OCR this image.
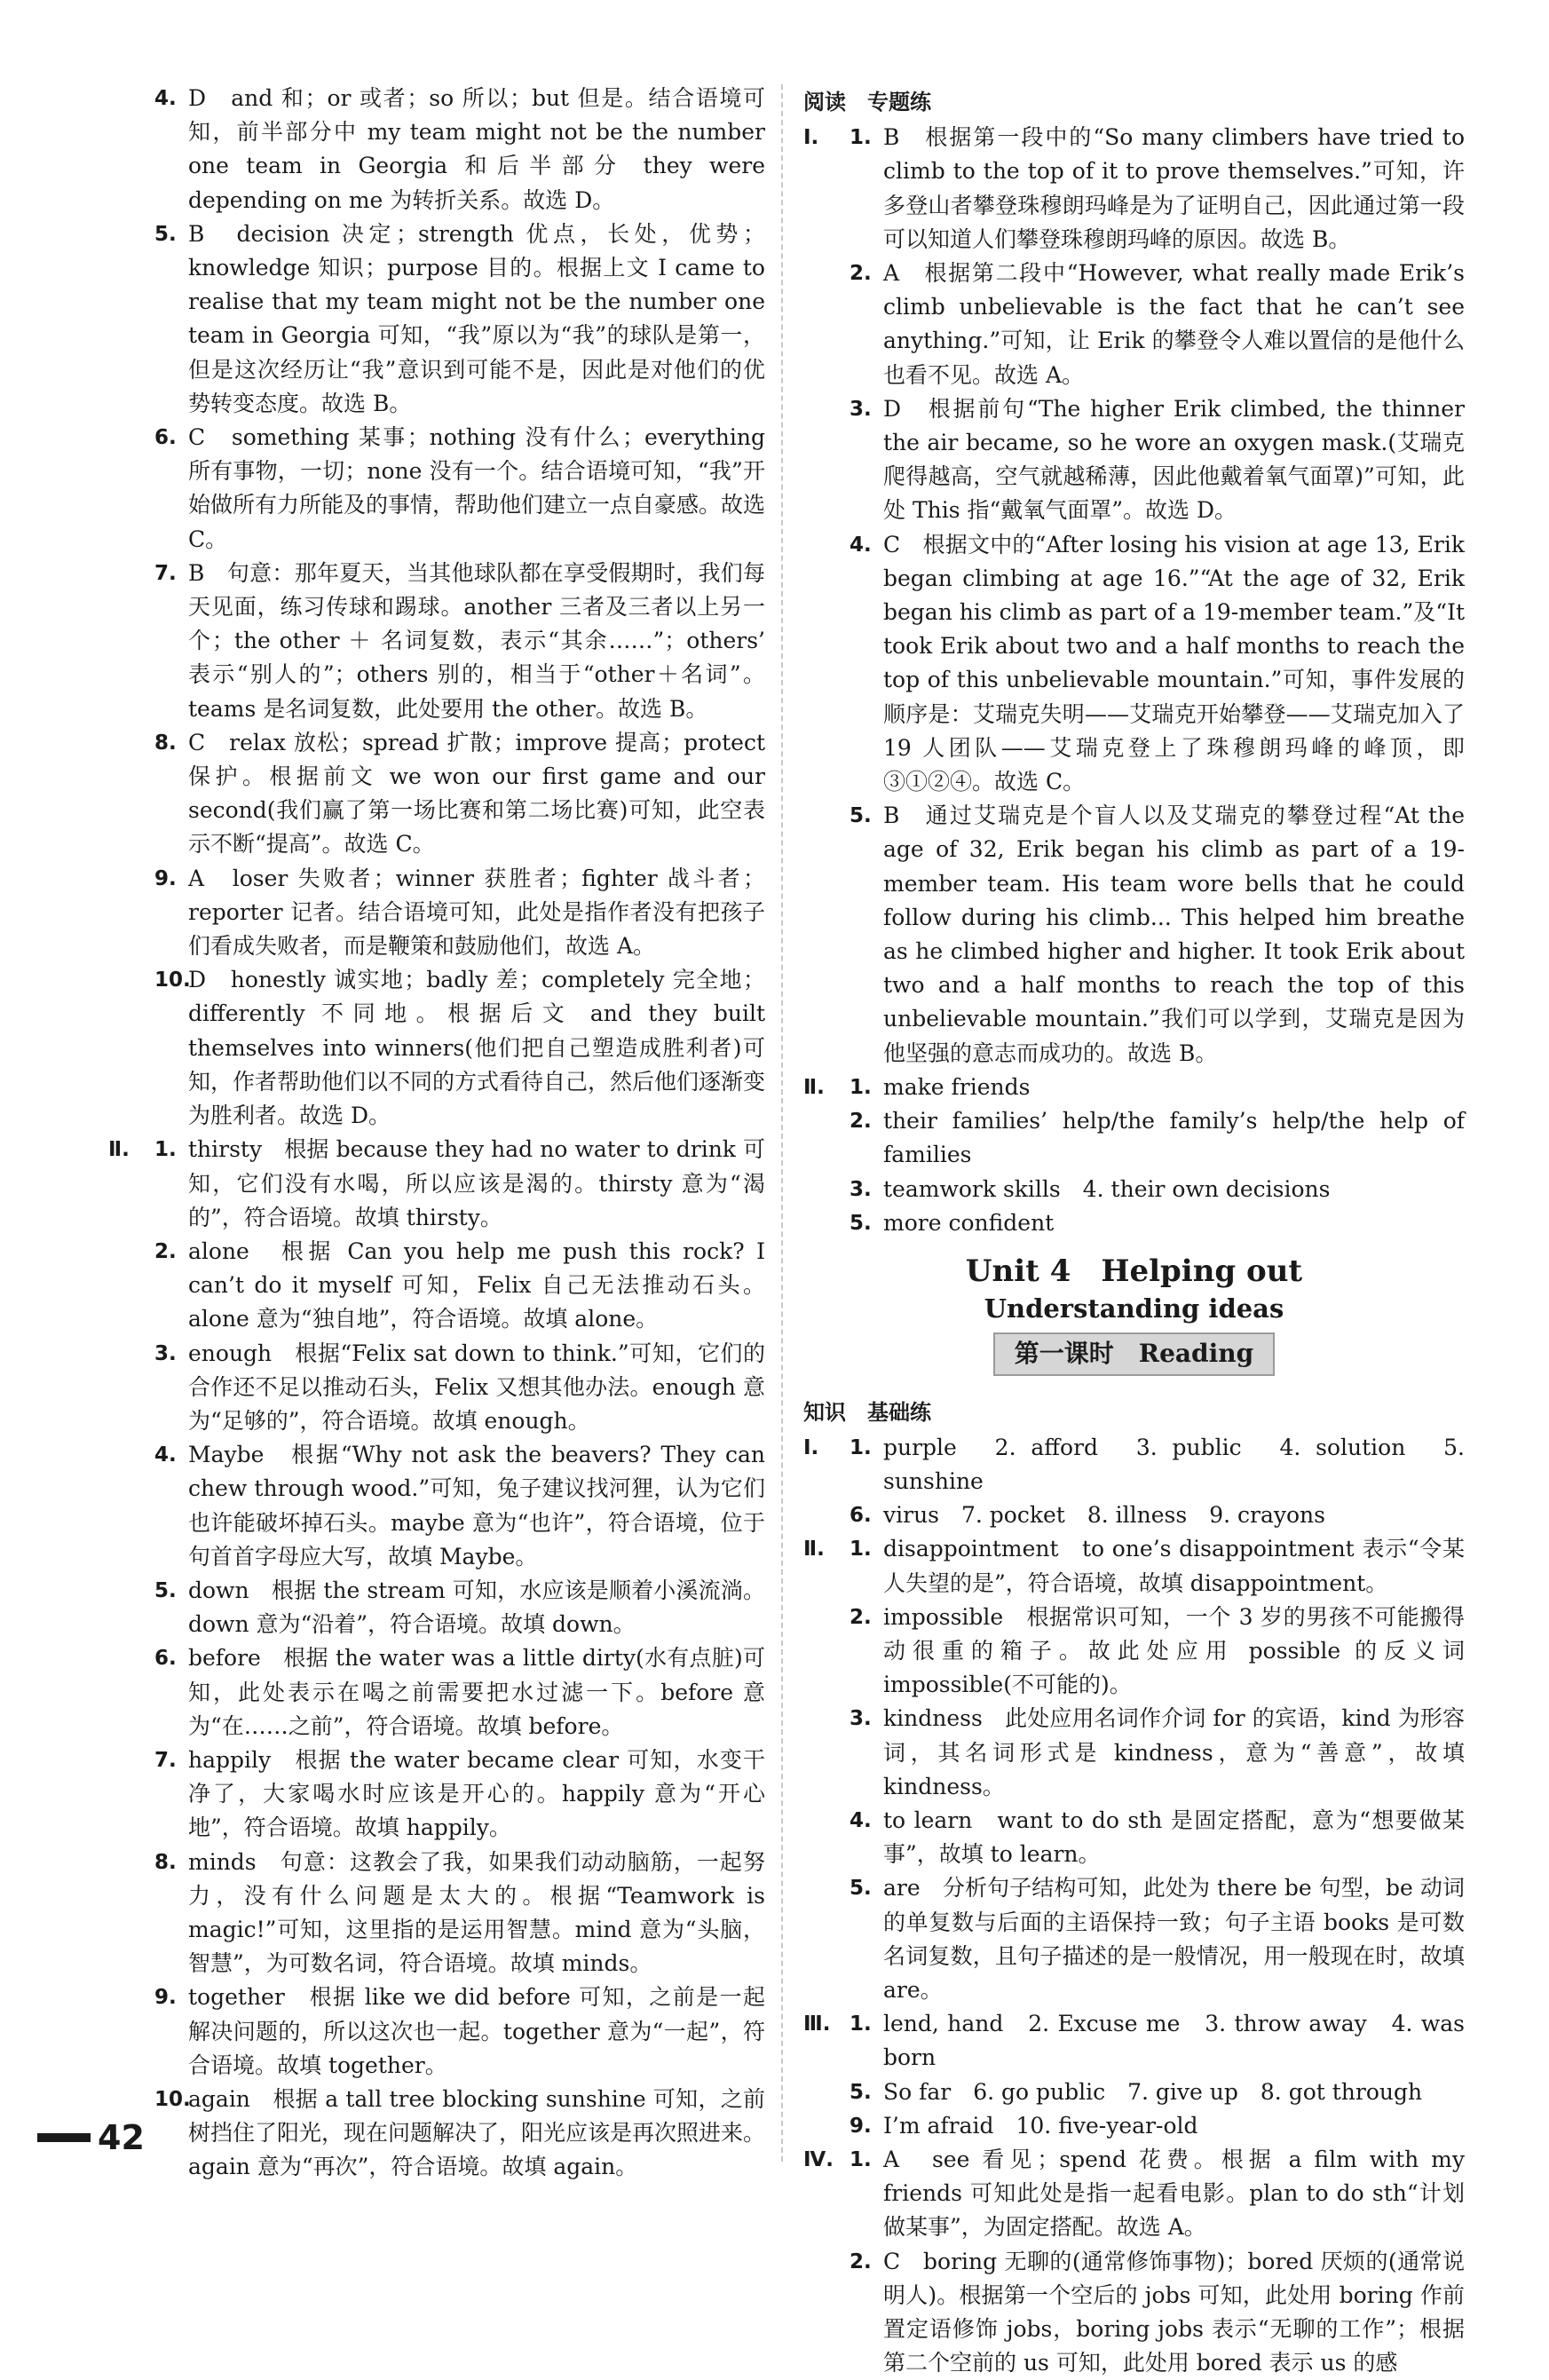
4. D　and 和；or 或者；so 所以；but 但是。结合语境可知，前半部分中 my team might not be the number one team in Georgia 和后半部分 they were depending on me 为转折关系。故选 D。

5. B　decision 决定；strength 优点，长处，优势；knowledge 知识；purpose 目的。根据上文 I came to realise that my team might not be the number one team in Georgia 可知，“我”原以为“我”的球队是第一，但是这次经历让“我”意识到可能不是，因此是对他们的优势转变态度。故选 B。

6. C　something 某事；nothing 没有什么；everything 所有事物，一切；none 没有一个。结合语境可知，“我”开始做所有力所能及的事情，帮助他们建立一点自豪感。故选 C。

7. B　句意：那年夏天，当其他球队都在享受假期时，我们每天见面，练习传球和踢球。another 三者及三者以上另一个；the other ＋ 名词复数，表示“其余……”；others’ 表示“别人的”；others 别的，相当于“other＋名词”。teams 是名词复数，此处要用 the other。故选 B。

8. C　relax 放松；spread 扩散；improve 提高；protect 保护。根据前文 we won our first game and our second(我们赢了第一场比赛和第二场比赛)可知，此空表示不断“提高”。故选 C。

9. A　loser 失败者；winner 获胜者；fighter 战斗者；reporter 记者。结合语境可知，此处是指作者没有把孩子们看成失败者，而是鞭策和鼓励他们，故选 A。

10.
D　honestly 诚实地；badly 差；completely 完全地；differently 不同地。根据后文 and they built themselves into winners(他们把自己塑造成胜利者)可知，作者帮助他们以不同的方式看待自己，然后他们逐渐变为胜利者。故选 D。

Ⅱ. 1. thirsty　根据 because they had no water to drink 可知，它们没有水喝，所以应该是渴的。thirsty 意为“渴的”，符合语境。故填 thirsty。

2. alone　根据 Can you help me push this rock? I can’t do it myself 可知，Felix 自己无法推动石头。alone 意为“独自地”，符合语境。故填 alone。

3. enough　根据“Felix sat down to think.”可知，它们的合作还不足以推动石头，Felix 又想其他办法。enough 意为“足够的”，符合语境。故填 enough。

4. Maybe　根据“Why not ask the beavers? They can chew through wood.”可知，兔子建议找河狸，认为它们也许能破坏掉石头。maybe 意为“也许”，符合语境，位于句首首字母应大写，故填 Maybe。

5. down　根据 the stream 可知，水应该是顺着小溪流淌。down 意为“沿着”，符合语境。故填 down。

6. before　根据 the water was a little dirty(水有点脏)可知，此处表示在喝之前需要把水过滤一下。before 意为“在……之前”，符合语境。故填 before。

7. happily　根据 the water became clear 可知，水变干净了，大家喝水时应该是开心的。happily 意为“开心地”，符合语境。故填 happily。

8. minds　句意：这教会了我，如果我们动动脑筋，一起努力，没有什么问题是太大的。根据“Teamwork is magic!”可知，这里指的是运用智慧。mind 意为“头脑，智慧”，为可数名词，符合语境。故填 minds。

9. together　根据 like we did before 可知，之前是一起解决问题的，所以这次也一起。together 意为“一起”，符合语境。故填 together。

10.
again　根据 a tall tree blocking sunshine 可知，之前树挡住了阳光，现在问题解决了，阳光应该是再次照进来。again 意为“再次”，符合语境。故填 again。

阅读　专题练

Ⅰ. 1. B　根据第一段中的“So many climbers have tried to climb to the top of it to prove themselves.”可知，许多登山者攀登珠穆朗玛峰是为了证明自己，因此通过第一段可以知道人们攀登珠穆朗玛峰的原因。故选 B。

2. A　根据第二段中“However, what really made Erik’s climb unbelievable is the fact that he can’t see anything.”可知，让 Erik 的攀登令人难以置信的是他什么也看不见。故选 A。

3. D　根据前句“The higher Erik climbed, the thinner the air became, so he wore an oxygen mask.(艾瑞克爬得越高，空气就越稀薄，因此他戴着氧气面罩)”可知，此处 This 指“戴氧气面罩”。故选 D。

4. C　根据文中的“After losing his vision at age 13, Erik began climbing at age 16.”“At the age of 32, Erik began his climb as part of a 19-member team.”及“It took Erik about two and a half months to reach the top of this unbelievable mountain.”可知，事件发展的顺序是：艾瑞克失明——艾瑞克开始攀登——艾瑞克加入了 19 人团队——艾瑞克登上了珠穆朗玛峰的峰顶，即③①②④。故选 C。

5. B　通过艾瑞克是个盲人以及艾瑞克的攀登过程“At the age of 32, Erik began his climb as part of a 19-member team. His team wore bells that he could follow during his climb... This helped him breathe as he climbed higher and higher. It took Erik about two and a half months to reach the top of this unbelievable mountain.”我们可以学到，艾瑞克是因为他坚强的意志而成功的。故选 B。

Ⅱ. 1. make friends

2. their families’ help/the family’s help/the help of families

3. teamwork skills　4. their own decisions

5. more confident

Unit 4　Helping out
Understanding ideas
第一课时　Reading
知识　基础练

Ⅰ. 1. purple　2. afford　3. public　4. solution　5. sunshine

6. virus　7. pocket　8. illness　9. crayons

Ⅱ. 1. disappointment　to one’s disappointment 表示“令某人失望的是”，符合语境，故填 disappointment。

2. impossible　根据常识可知，一个 3 岁的男孩不可能搬得动很重的箱子。故此处应用 possible 的反义词 impossible(不可能的)。

3. kindness　此处应用名词作介词 for 的宾语，kind 为形容词，其名词形式是 kindness，意为“善意”，故填 kindness。

4. to learn　want to do sth 是固定搭配，意为“想要做某事”，故填 to learn。

5. are　分析句子结构可知，此处为 there be 句型，be 动词的单复数与后面的主语保持一致；句子主语 books 是可数名词复数，且句子描述的是一般情况，用一般现在时，故填 are。

Ⅲ. 1. lend, hand　2. Excuse me　3. throw away　4. was born

5. So far　6. go public　7. give up　8. got through

9. I’m afraid　10. five-year-old

Ⅳ. 1. A　see 看见；spend 花费。根据 a film with my friends 可知此处是指一起看电影。plan to do sth“计划做某事”，为固定搭配。故选 A。

2. C　boring 无聊的(通常修饰事物)；bored 厌烦的(通常说明人)。根据第一个空后的 jobs 可知，此处用 boring 作前置定语修饰 jobs，boring jobs 表示“无聊的工作”；根据第二个空前的 us 可知，此处用 bored 表示 us 的感

42
